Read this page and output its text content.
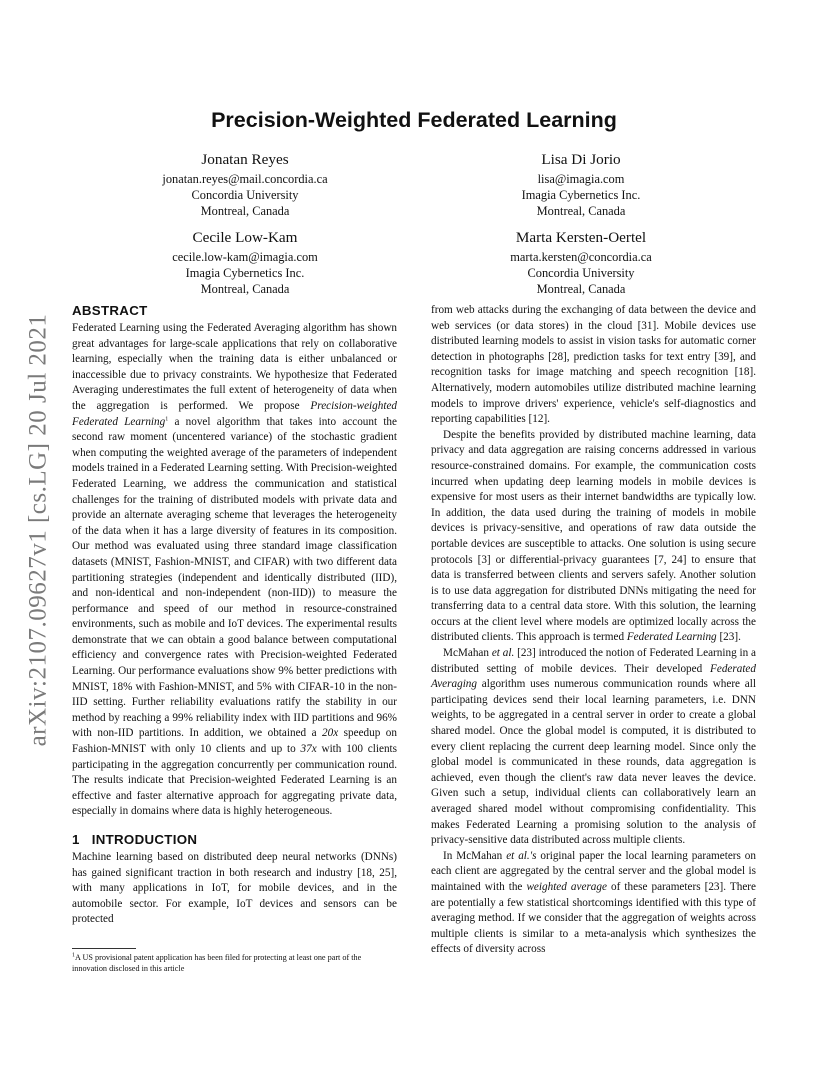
arXiv:2107.09627v1 [cs.LG] 20 Jul 2021
Precision-Weighted Federated Learning
Jonatan Reyes
jonatan.reyes@mail.concordia.ca
Concordia University
Montreal, Canada
Lisa Di Jorio
lisa@imagia.com
Imagia Cybernetics Inc.
Montreal, Canada
Cecile Low-Kam
cecile.low-kam@imagia.com
Imagia Cybernetics Inc.
Montreal, Canada
Marta Kersten-Oertel
marta.kersten@concordia.ca
Concordia University
Montreal, Canada
ABSTRACT

Federated Learning using the Federated Averaging algorithm has shown great advantages for large-scale applications that rely on collaborative learning, especially when the training data is either unbalanced or inaccessible due to privacy constraints. We hypothesize that Federated Averaging underestimates the full extent of heterogeneity of data when the aggregation is performed. We propose Precision-weighted Federated Learning$^1$ a novel algorithm that takes into account the second raw moment (uncentered variance) of the stochastic gradient when computing the weighted average of the parameters of independent models trained in a Federated Learning setting. With Precision-weighted Federated Learning, we address the communication and statistical challenges for the training of distributed models with private data and provide an alternate averaging scheme that leverages the heterogeneity of the data when it has a large diversity of features in its composition. Our method was evaluated using three standard image classification datasets (MNIST, Fashion-MNIST, and CIFAR) with two different data partitioning strategies (independent and identically distributed (IID), and non-identical and non-independent (non-IID)) to measure the performance and speed of our method in resource-constrained environments, such as mobile and IoT devices. The experimental results demonstrate that we can obtain a good balance between computational efficiency and convergence rates with Precision-weighted Federated Learning. Our performance evaluations show 9% better predictions with MNIST, 18% with Fashion-MNIST, and 5% with CIFAR-10 in the non-IID setting. Further reliability evaluations ratify the stability in our method by reaching a 99% reliability index with IID partitions and 96% with non-IID partitions. In addition, we obtained a 20x speedup on Fashion-MNIST with only 10 clients and up to 37x with 100 clients participating in the aggregation concurrently per communication round. The results indicate that Precision-weighted Federated Learning is an effective and faster alternative approach for aggregating private data, especially in domains where data is highly heterogeneous.

1 INTRODUCTION

Machine learning based on distributed deep neural networks (DNNs) has gained significant traction in both research and industry [18, 25], with many applications in IoT, for mobile devices, and in the automobile sector. For example, IoT devices and sensors can be protected

$^1$A US provisional patent application has been filed for protecting at least one part of the innovation disclosed in this article

from web attacks during the exchanging of data between the device and web services (or data stores) in the cloud [31]. Mobile devices use distributed learning models to assist in vision tasks for automatic corner detection in photographs [28], prediction tasks for text entry [39], and recognition tasks for image matching and speech recognition [18]. Alternatively, modern automobiles utilize distributed machine learning models to improve drivers' experience, vehicle's self-diagnostics and reporting capabilities [12].

Despite the benefits provided by distributed machine learning, data privacy and data aggregation are raising concerns addressed in various resource-constrained domains. For example, the communication costs incurred when updating deep learning models in mobile devices is expensive for most users as their internet bandwidths are typically low. In addition, the data used during the training of models in mobile devices is privacy-sensitive, and operations of raw data outside the portable devices are susceptible to attacks. One solution is using secure protocols [3] or differential-privacy guarantees [7, 24] to ensure that data is transferred between clients and servers safely. Another solution is to use data aggregation for distributed DNNs mitigating the need for transferring data to a central data store. With this solution, the learning occurs at the client level where models are optimized locally across the distributed clients. This approach is termed Federated Learning [23].

McMahan et al. [23] introduced the notion of Federated Learning in a distributed setting of mobile devices. Their developed Federated Averaging algorithm uses numerous communication rounds where all participating devices send their local learning parameters, i.e. DNN weights, to be aggregated in a central server in order to create a global shared model. Once the global model is computed, it is distributed to every client replacing the current deep learning model. Since only the global model is communicated in these rounds, data aggregation is achieved, even though the client's raw data never leaves the device. Given such a setup, individual clients can collaboratively learn an averaged shared model without compromising confidentiality. This makes Federated Learning a promising solution to the analysis of privacy-sensitive data distributed across multiple clients.

In McMahan et al.'s original paper the local learning parameters on each client are aggregated by the central server and the global model is maintained with the weighted average of these parameters [23]. There are potentially a few statistical shortcomings identified with this type of averaging method. If we consider that the aggregation of weights across multiple clients is similar to a meta-analysis which synthesizes the effects of diversity across
